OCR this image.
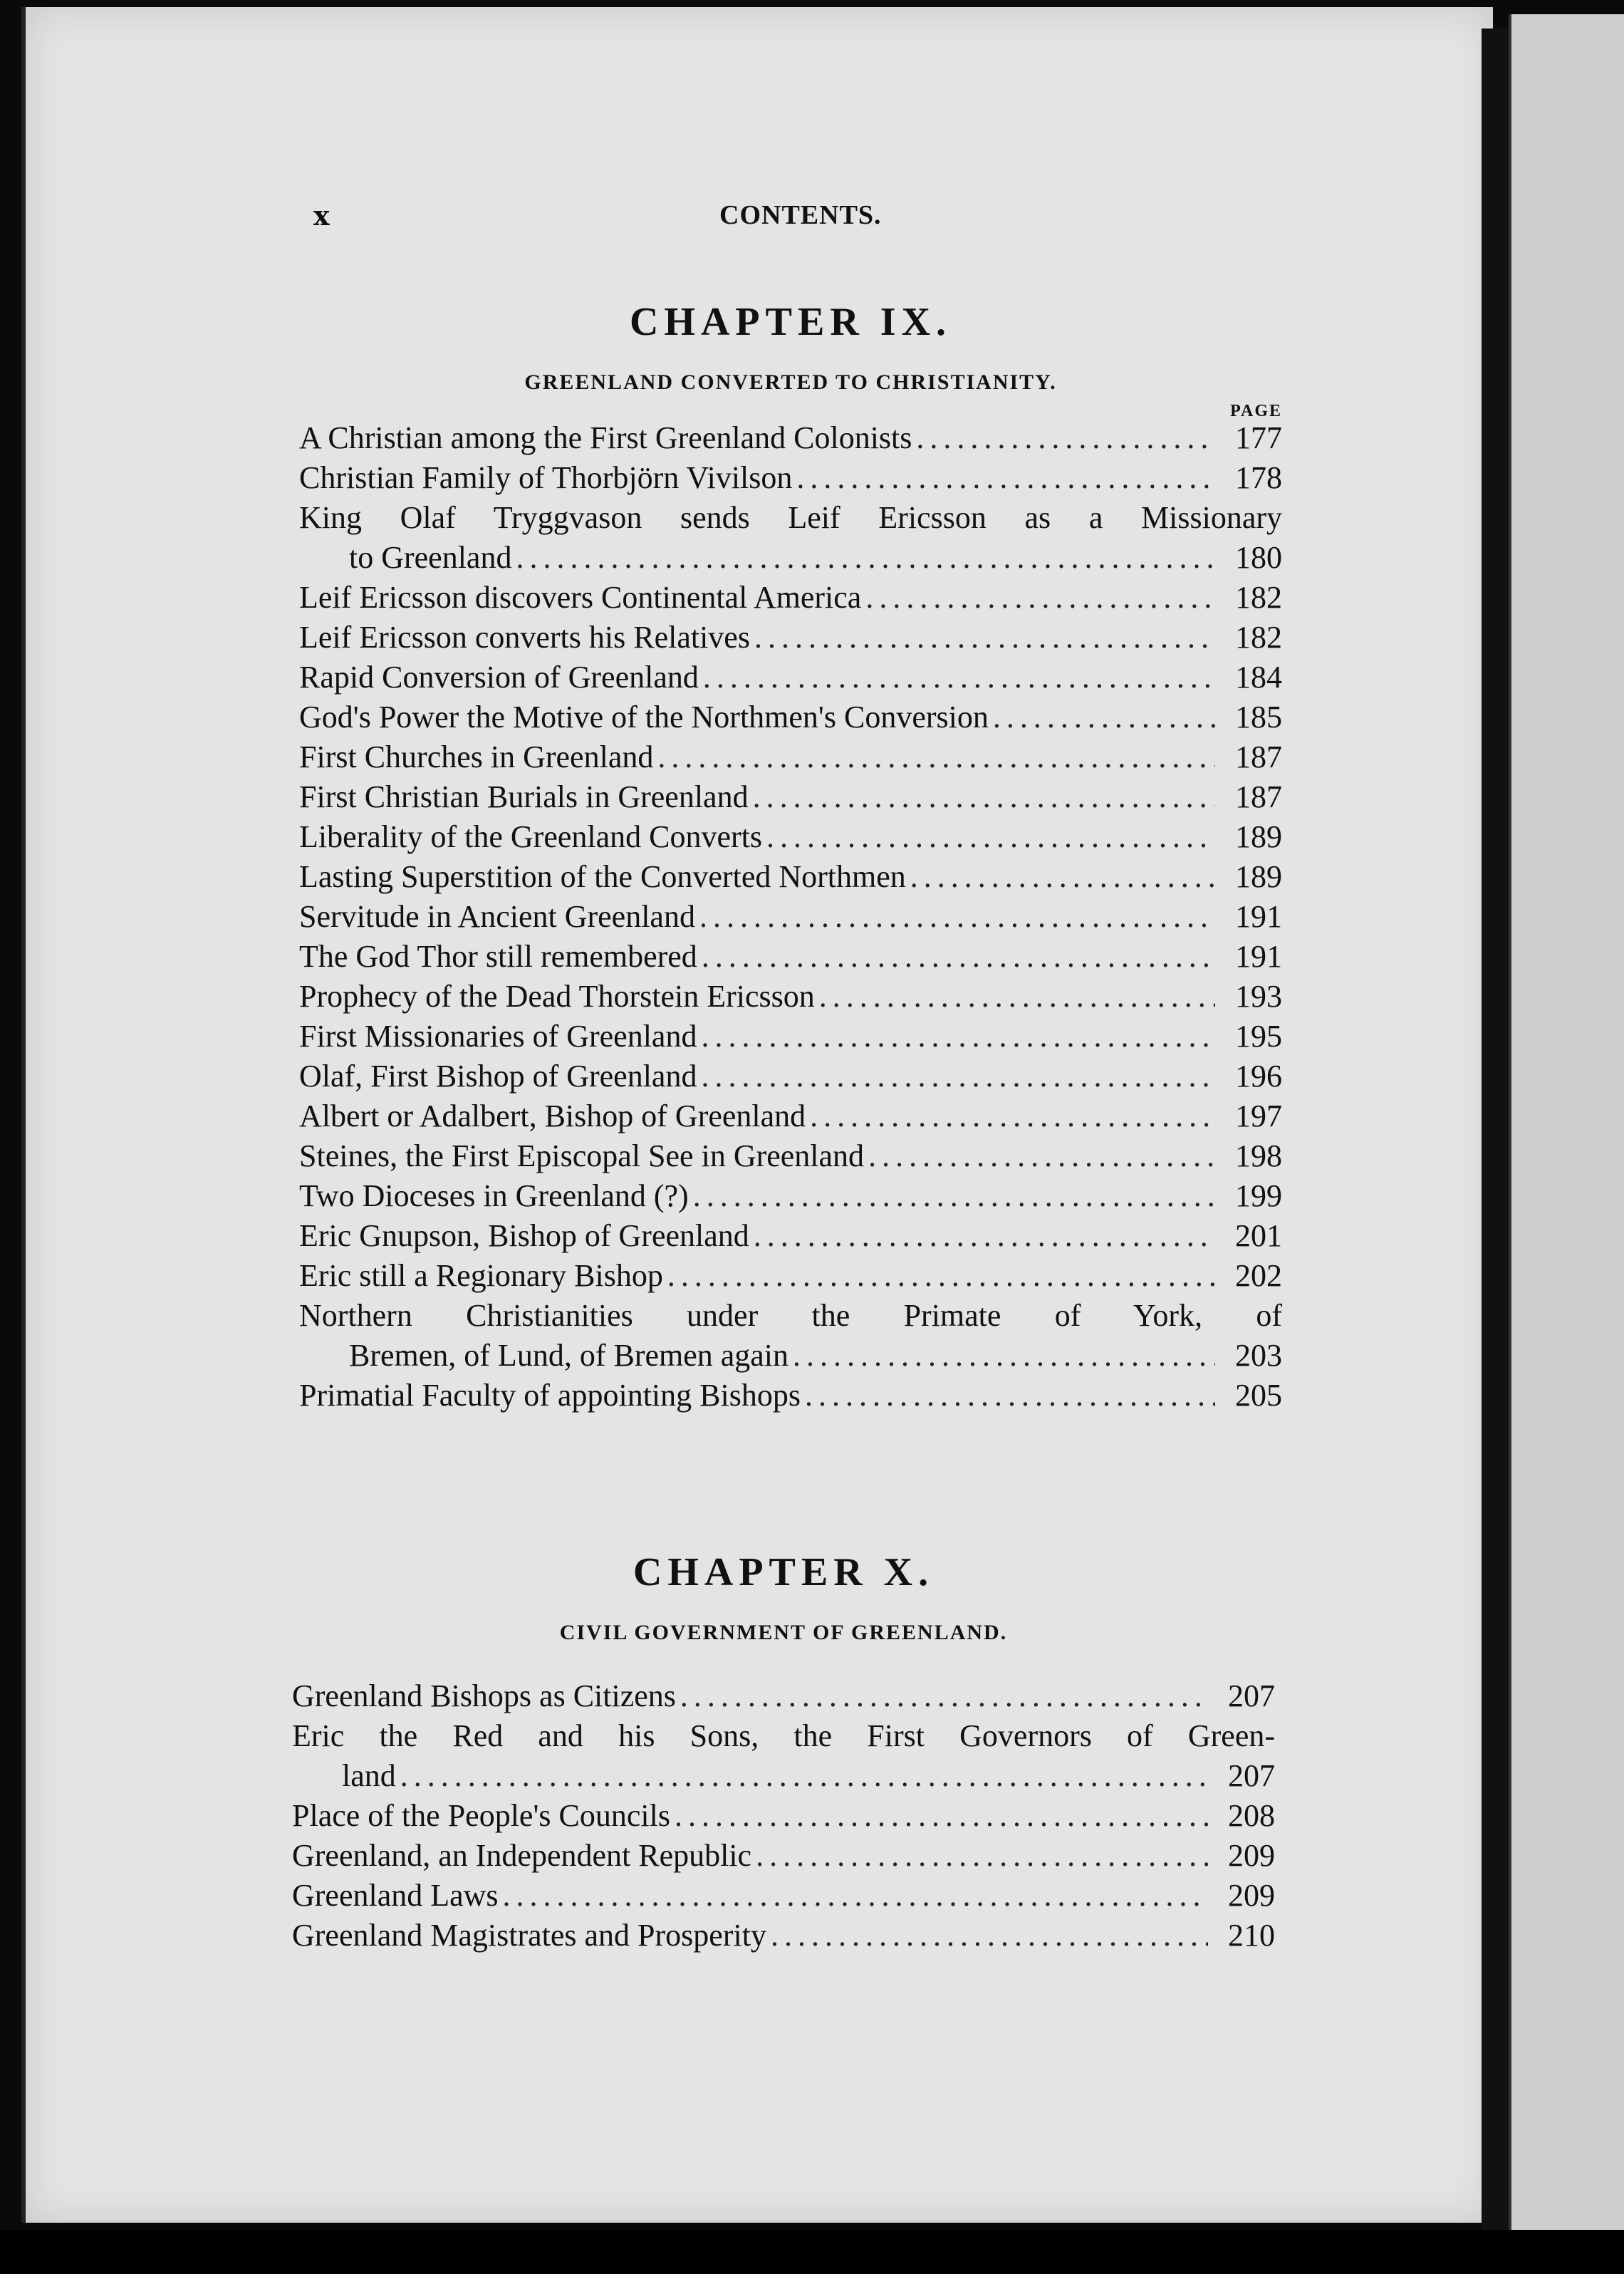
x	CONTENTS.
CHAPTER IX.
GREENLAND CONVERTED TO CHRISTIANITY.
PAGE
A Christian among the First Greenland Colonists .....	177
Christian Family of Thorbjörn Vivilson .....	178
King Olaf Tryggvason sends Leif Ericsson as a Missionary
to Greenland .....	180
Leif Ericsson discovers Continental America .....	182
Leif Ericsson converts his Relatives .....	182
Rapid Conversion of Greenland .....	184
God's Power the Motive of the Northmen's Conversion .....	185
First Churches in Greenland .....	187
First Christian Burials in Greenland .....	187
Liberality of the Greenland Converts .....	189
Lasting Superstition of the Converted Northmen .....	189
Servitude in Ancient Greenland .....	191
The God Thor still remembered .....	191
Prophecy of the Dead Thorstein Ericsson .....	193
First Missionaries of Greenland .....	195
Olaf, First Bishop of Greenland .....	196
Albert or Adalbert, Bishop of Greenland .....	197
Steines, the First Episcopal See in Greenland .....	198
Two Dioceses in Greenland (?) .....	199
Eric Gnupson, Bishop of Greenland .....	201
Eric still a Regionary Bishop .....	202
Northern Christianities under the Primate of York, of
Bremen, of Lund, of Bremen again .....	203
Primatial Faculty of appointing Bishops .....	205
CHAPTER X.
CIVIL GOVERNMENT OF GREENLAND.
Greenland Bishops as Citizens .....	207
Eric the Red and his Sons, the First Governors of Green-
land .....	207
Place of the People's Councils .....	208
Greenland, an Independent Republic .....	209
Greenland Laws .....	209
Greenland Magistrates and Prosperity .....	210
